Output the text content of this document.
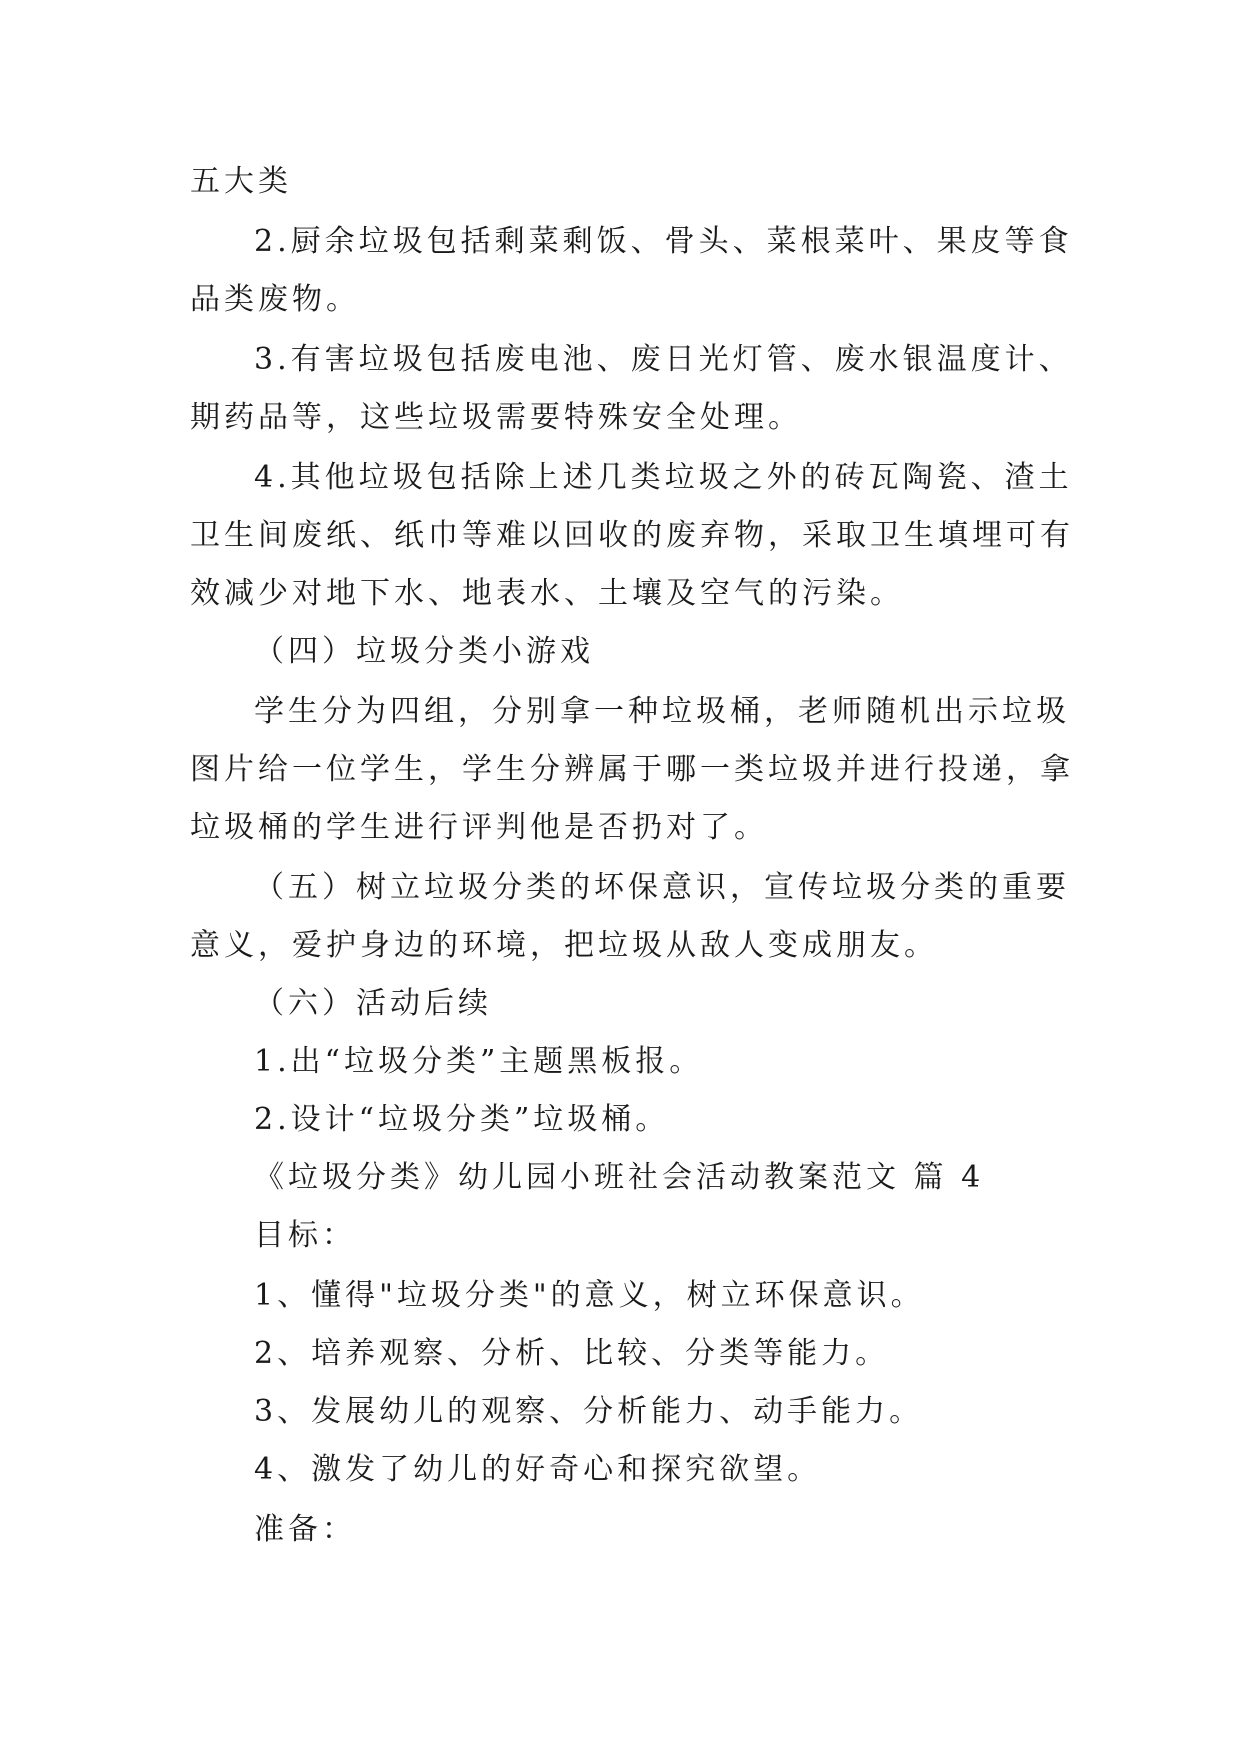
五大类
2.厨余垃圾包括剩菜剩饭、骨头、菜根菜叶、果皮等食
品类废物。
3.有害垃圾包括废电池、废日光灯管、废水银温度计、
期药品等，这些垃圾需要特殊安全处理。
4.其他垃圾包括除上述几类垃圾之外的砖瓦陶瓷、渣土
卫生间废纸、纸巾等难以回收的废弃物，采取卫生填埋可有
效减少对地下水、地表水、土壤及空气的污染。
（四）垃圾分类小游戏
学生分为四组，分别拿一种垃圾桶，老师随机出示垃圾
图片给一位学生，学生分辨属于哪一类垃圾并进行投递，拿
垃圾桶的学生进行评判他是否扔对了。
（五）树立垃圾分类的坏保意识，宣传垃圾分类的重要
意义，爱护身边的环境，把垃圾从敌人变成朋友。
（六）活动后续
1.出“垃圾分类”主题黑板报。
2.设计“垃圾分类”垃圾桶。
《垃圾分类》幼儿园小班社会活动教案范文 篇 4
目标：
1、懂得"垃圾分类"的意义，树立环保意识。
2、培养观察、分析、比较、分类等能力。
3、发展幼儿的观察、分析能力、动手能力。
4、激发了幼儿的好奇心和探究欲望。
准备：
